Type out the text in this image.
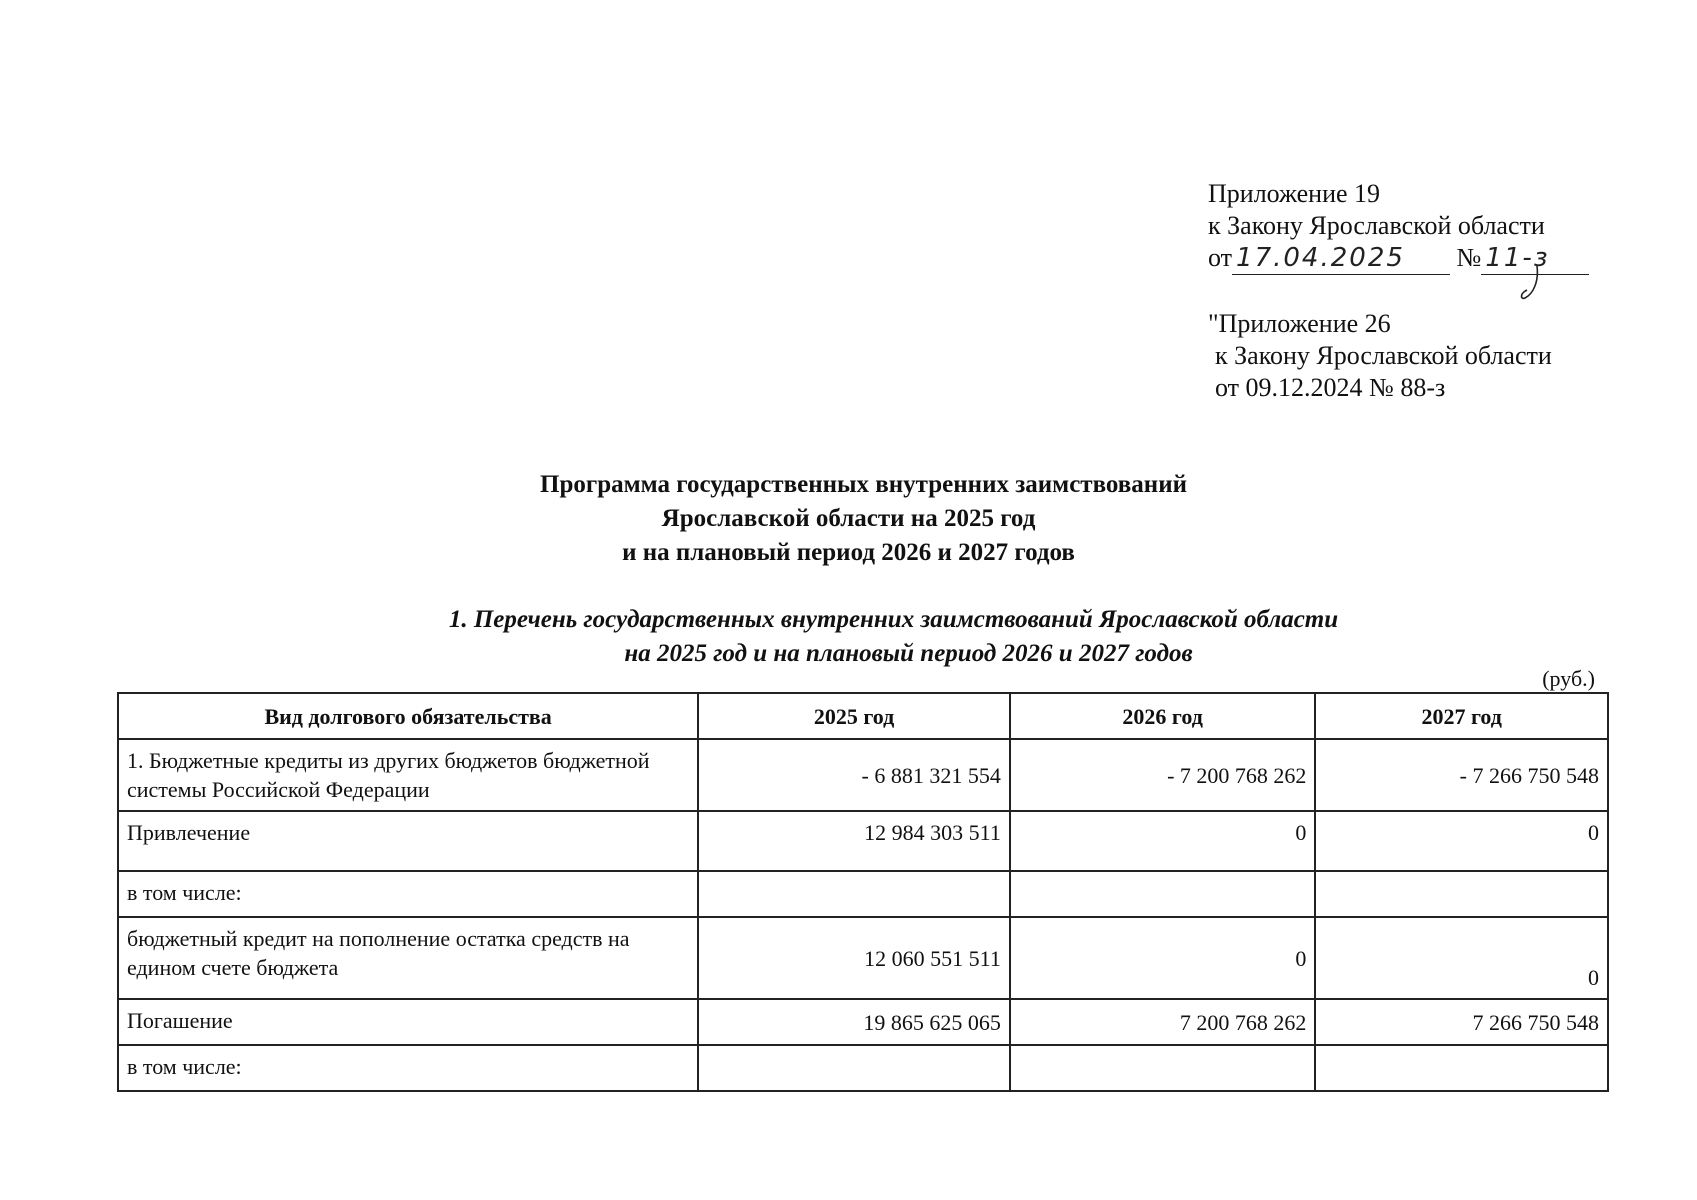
Приложение 19
к Закону Ярославской области
от 17.04.2025 № 11-з
"Приложение 26
к Закону Ярославской области
от 09.12.2024 № 88-з
Программа государственных внутренних заимствований
Ярославской области на 2025 год
и на плановый период 2026 и 2027 годов
1. Перечень государственных внутренних заимствований Ярославской области
на 2025 год и на плановый период 2026 и 2027 годов
(руб.)
Вид долгового обязательства	2025 год	2026 год	2027 год
1. Бюджетные кредиты из других бюджетов бюджетной системы Российской Федерации	- 6 881 321 554	- 7 200 768 262	- 7 266 750 548
Привлечение	12 984 303 511	0	0
в том числе:			
бюджетный кредит на пополнение остатка средств на едином счете бюджета	12 060 551 511	0	0
Погашение	19 865 625 065	7 200 768 262	7 266 750 548
в том числе:			
